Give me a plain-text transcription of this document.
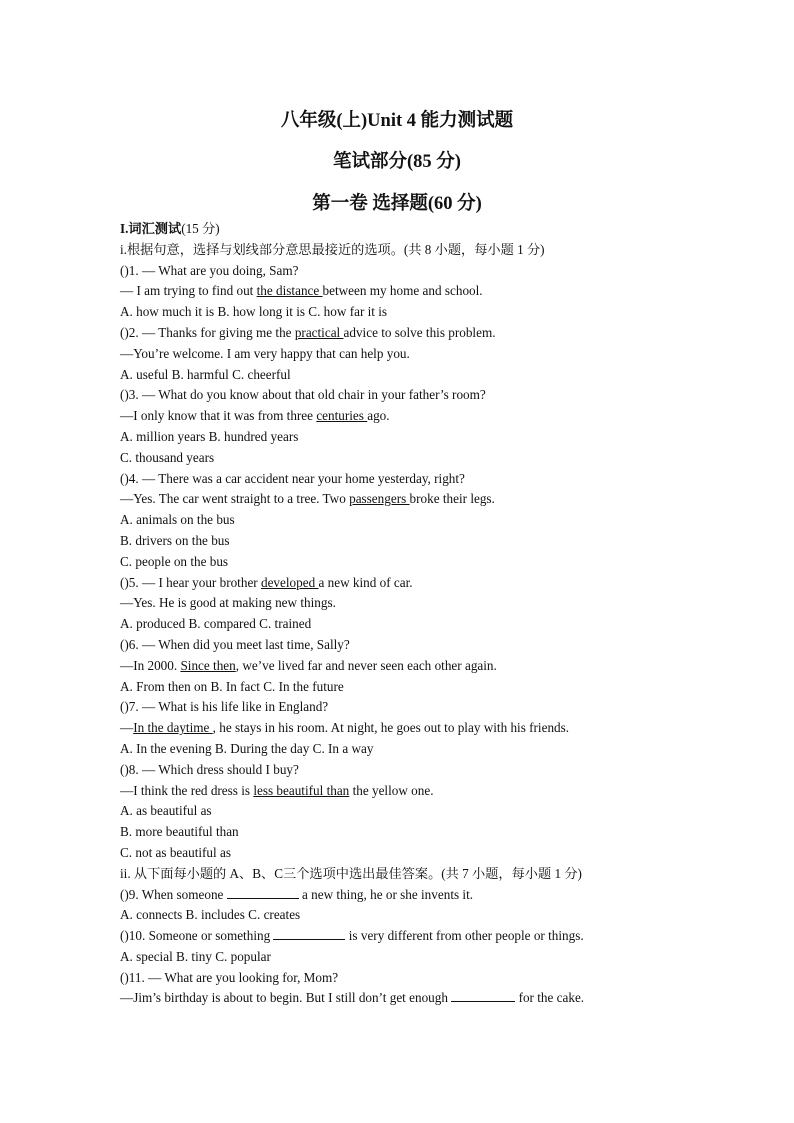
八年级(上)Unit 4 能力测试题
笔试部分(85 分)
第一卷 选择题(60 分)
I.词汇测试(15 分)
i.根据句意，选择与划线部分意思最接近的选项。(共 8 小题，每小题 1 分)
()1. — What are you doing, Sam?
— I am trying to find out the distance between my home and school.
A. how much it is B. how long it is C. how far it is
()2. — Thanks for giving me the practical advice to solve this problem.
—You’re welcome. I am very happy that can help you.
A. useful B. harmful C. cheerful
()3. — What do you know about that old chair in your father’s room?
—I only know that it was from three centuries ago.
A. million years B. hundred years
C. thousand years
()4. — There was a car accident near your home yesterday, right?
—Yes. The car went straight to a tree. Two passengers broke their legs.
A. animals on the bus
B. drivers on the bus
C. people on the bus
()5. — I hear your brother developed a new kind of car.
—Yes. He is good at making new things.
A. produced B. compared C. trained
()6. — When did you meet last time, Sally?
—In 2000. Since then, we’ve lived far and never seen each other again.
A. From then on B. In fact C. In the future
()7. — What is his life like in England?
—In the daytime , he stays in his room. At night, he goes out to play with his friends.
A. In the evening B. During the day C. In a way
()8. — Which dress should I buy?
—I think the red dress is less beautiful than the yellow one.
A. as beautiful as
B. more beautiful than
C. not as beautiful as
ii. 从下面每小题的 A、B、C三个选项中选出最佳答案。(共 7 小题，每小题 1 分)
()9. When someone	a new thing, he or she invents it.
A. connects B. includes C. creates
()10. Someone or something	is very different from other people or things.
A. special B. tiny C. popular
()11. — What are you looking for, Mom?
—Jim’s birthday is about to begin. But I still don’t get enough	for the cake.
